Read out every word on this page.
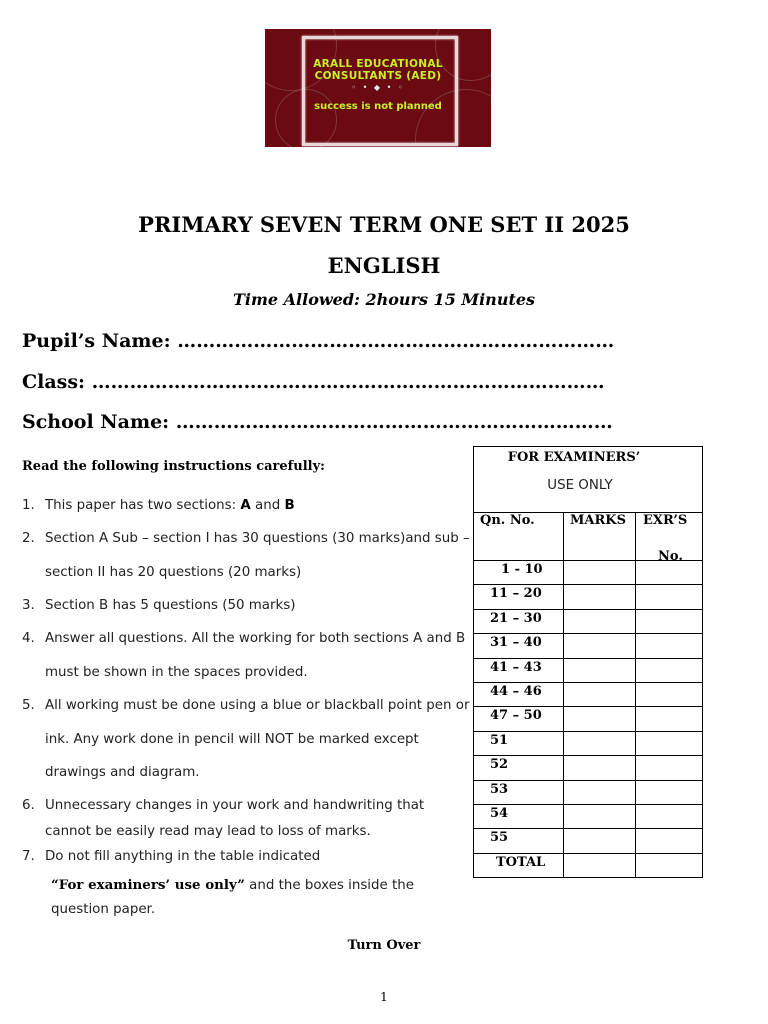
ARALL EDUCATIONAL
CONSULTANTS (AED)
◦ • ◆ • ◦
success is not planned
PRIMARY SEVEN TERM ONE SET II 2025
ENGLISH
Time Allowed: 2hours 15 Minutes
Pupil’s Name: ……………………………………………………………
Class: ………………………………………………………………………
School Name: ……………………………………………………………
Read the following instructions carefully:
1. This paper has two sections: A and B
2. Section A Sub – section I has 30 questions (30 marks)and sub –
section II has 20 questions (20 marks)
3. Section B has 5 questions (50 marks)
4. Answer all questions. All the working for both sections A and B
must be shown in the spaces provided.
5. All working must be done using a blue or blackball point pen or
ink. Any work done in pencil will NOT be marked except
drawings and diagram.
6. Unnecessary changes in your work and handwriting that
cannot be easily read may lead to loss of marks.
7. Do not fill anything in the table indicated
“For examiners’ use only” and the boxes inside the
question paper.
FOR EXAMINERS’
USE ONLY
Qn. No.	MARKS EXR’S
No.
1 - 10
11 – 20
21 – 30
31 – 40
41 – 43
44 – 46
47 – 50
51
52
53
54
55
TOTAL
Turn Over
1
